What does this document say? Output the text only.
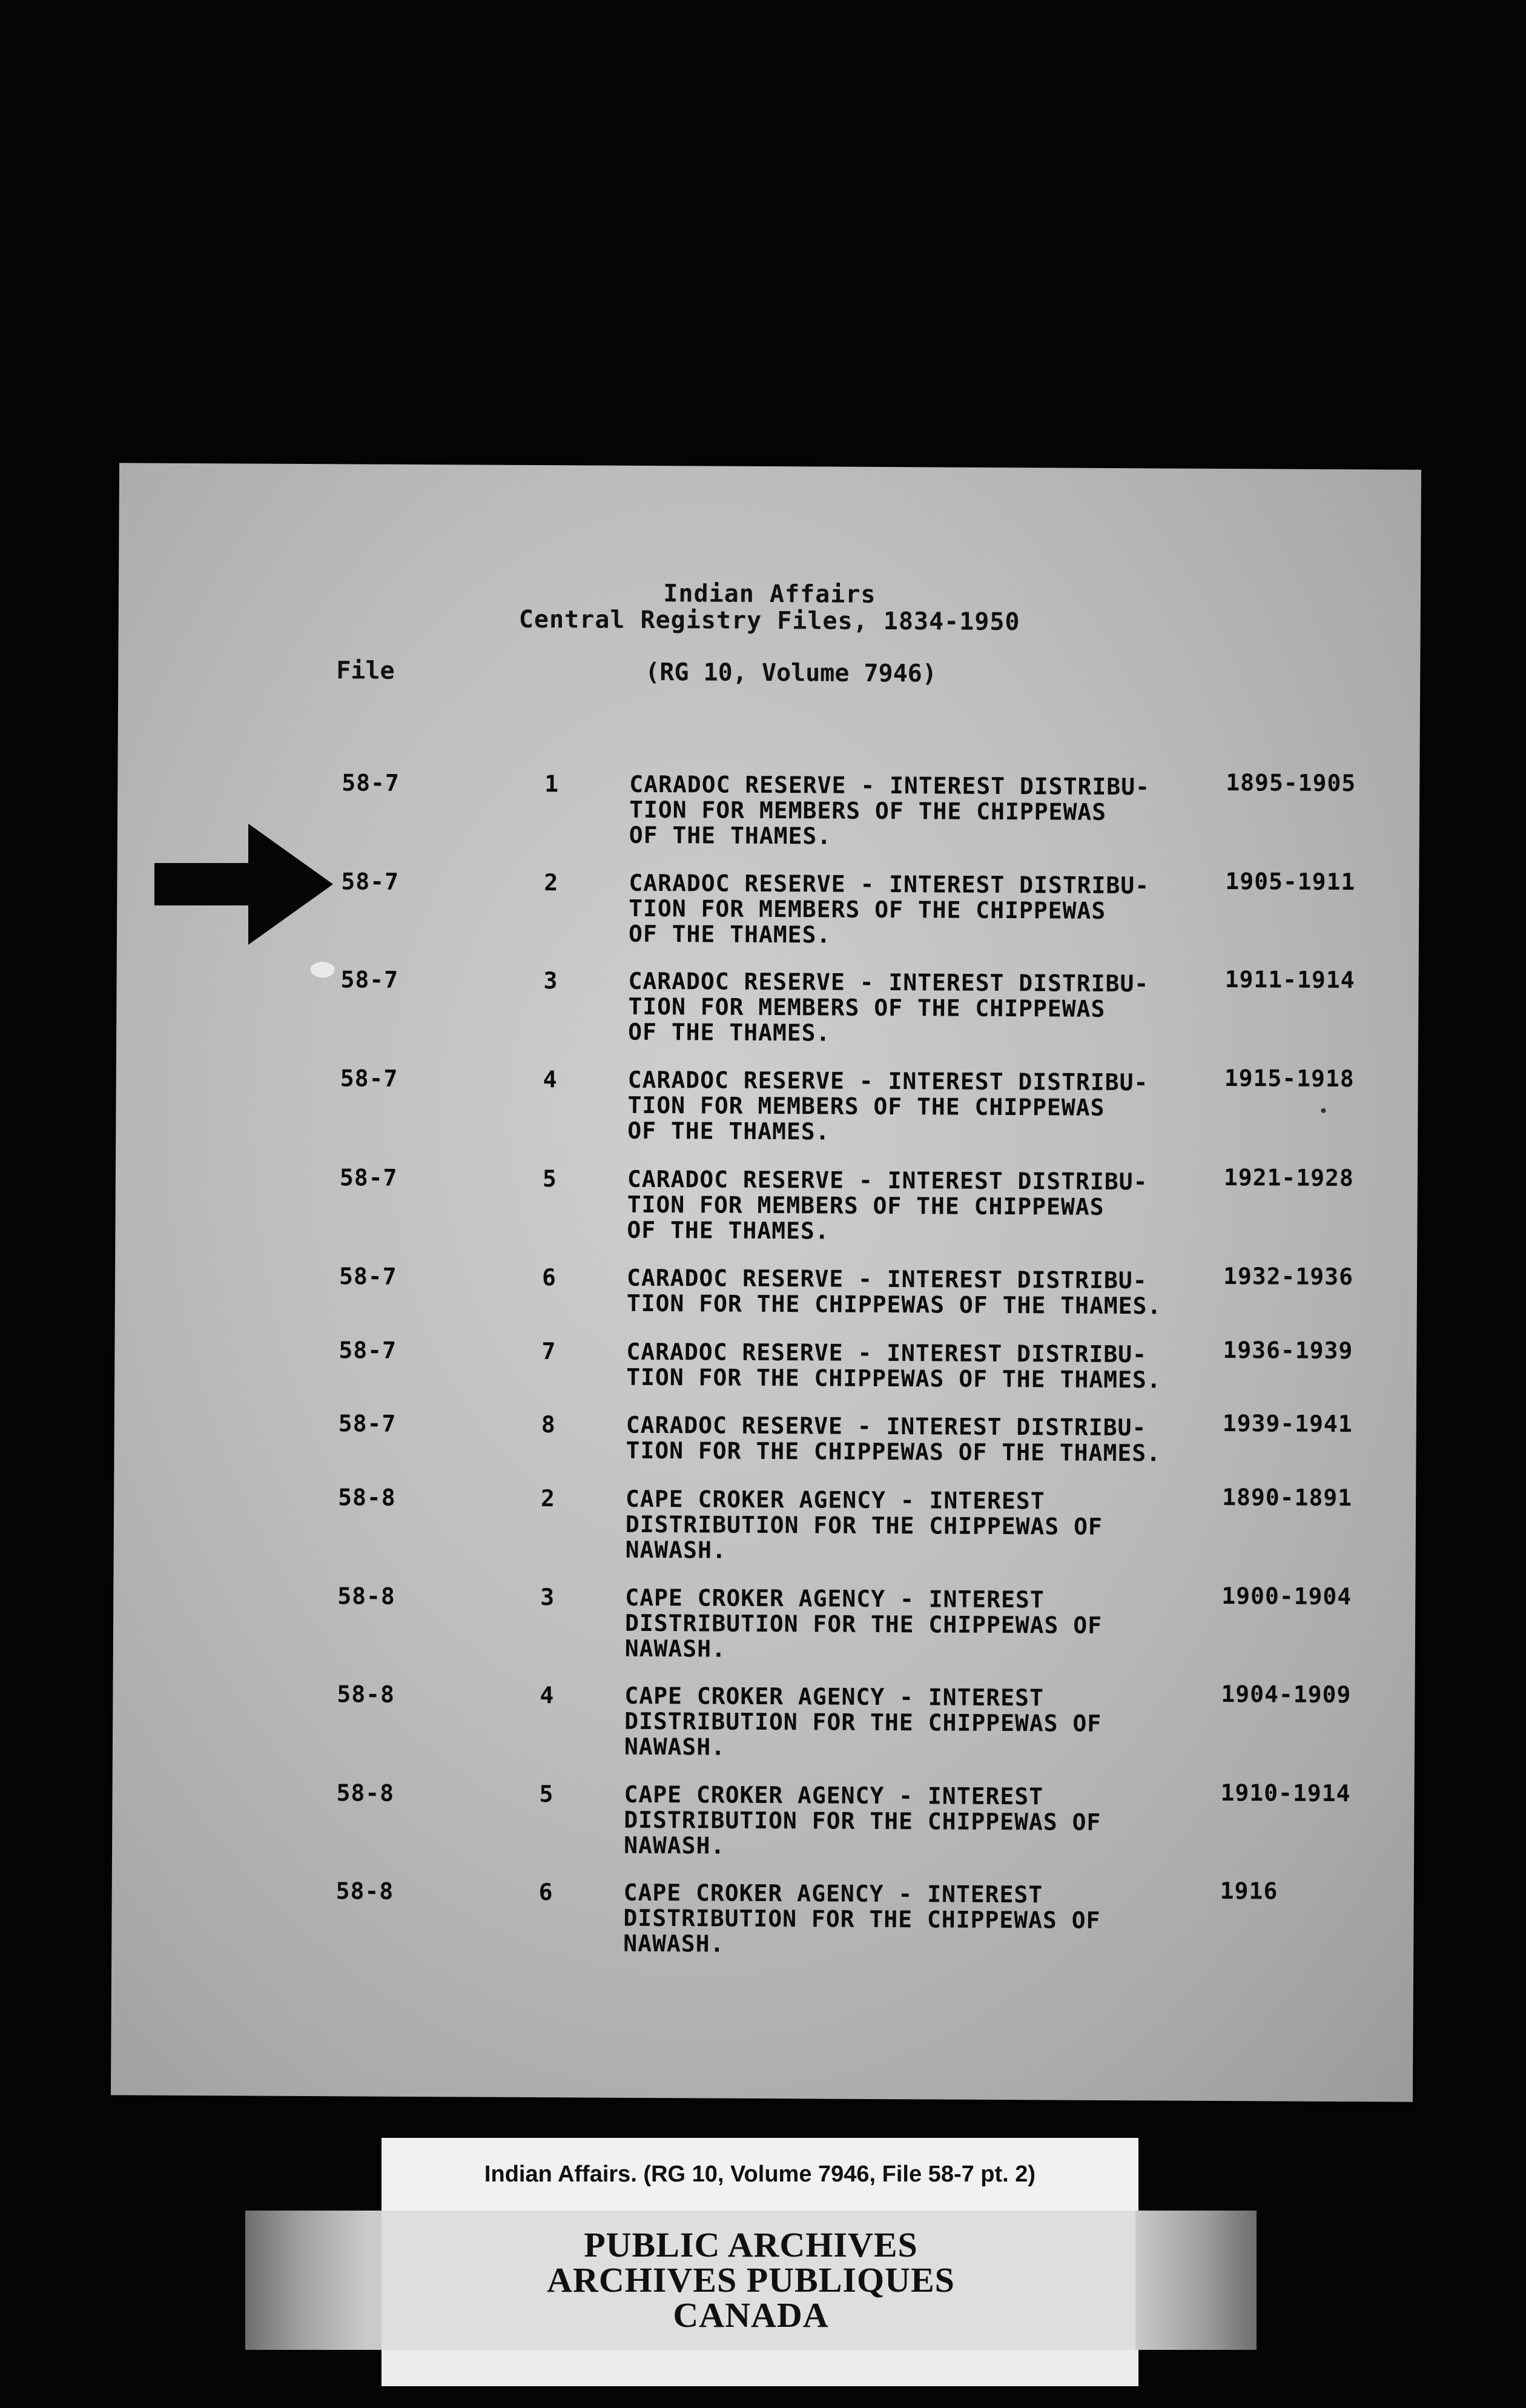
Indian Affairs
Central Registry Files, 1834-1950
File	(RG 10, Volume 7946)
58-7	1	CARADOC RESERVE - INTEREST DISTRIBU-
TION FOR MEMBERS OF THE CHIPPEWAS
OF THE THAMES.
1895-1905
58-7	2	CARADOC RESERVE - INTEREST DISTRIBU-
TION FOR MEMBERS OF THE CHIPPEWAS
OF THE THAMES.
1905-1911
58-7	3	CARADOC RESERVE - INTEREST DISTRIBU-
TION FOR MEMBERS OF THE CHIPPEWAS
OF THE THAMES.
1911-1914
58-7	4	CARADOC RESERVE - INTEREST DISTRIBU-
TION FOR MEMBERS OF THE CHIPPEWAS
OF THE THAMES.
1915-1918
58-7	5	CARADOC RESERVE - INTEREST DISTRIBU-
TION FOR MEMBERS OF THE CHIPPEWAS
OF THE THAMES.
1921-1928
58-7	6	CARADOC RESERVE - INTEREST DISTRIBU-
TION FOR THE CHIPPEWAS OF THE THAMES.
1932-1936
58-7	7	CARADOC RESERVE - INTEREST DISTRIBU-
TION FOR THE CHIPPEWAS OF THE THAMES.
1936-1939
58-7	8	CARADOC RESERVE - INTEREST DISTRIBU-
TION FOR THE CHIPPEWAS OF THE THAMES.
1939-1941
58-8	2	CAPE CROKER AGENCY - INTEREST
DISTRIBUTION FOR THE CHIPPEWAS OF
NAWASH.
1890-1891
58-8	3	CAPE CROKER AGENCY - INTEREST
DISTRIBUTION FOR THE CHIPPEWAS OF
NAWASH.
1900-1904
58-8	4	CAPE CROKER AGENCY - INTEREST
DISTRIBUTION FOR THE CHIPPEWAS OF
NAWASH.
1904-1909
58-8	5	CAPE CROKER AGENCY - INTEREST
DISTRIBUTION FOR THE CHIPPEWAS OF
NAWASH.
1910-1914
58-8	6	CAPE CROKER AGENCY - INTEREST
DISTRIBUTION FOR THE CHIPPEWAS OF
NAWASH.
1916
Indian Affairs. (RG 10, Volume 7946, File 58-7 pt. 2)
PUBLIC ARCHIVES
ARCHIVES PUBLIQUES
CANADA
